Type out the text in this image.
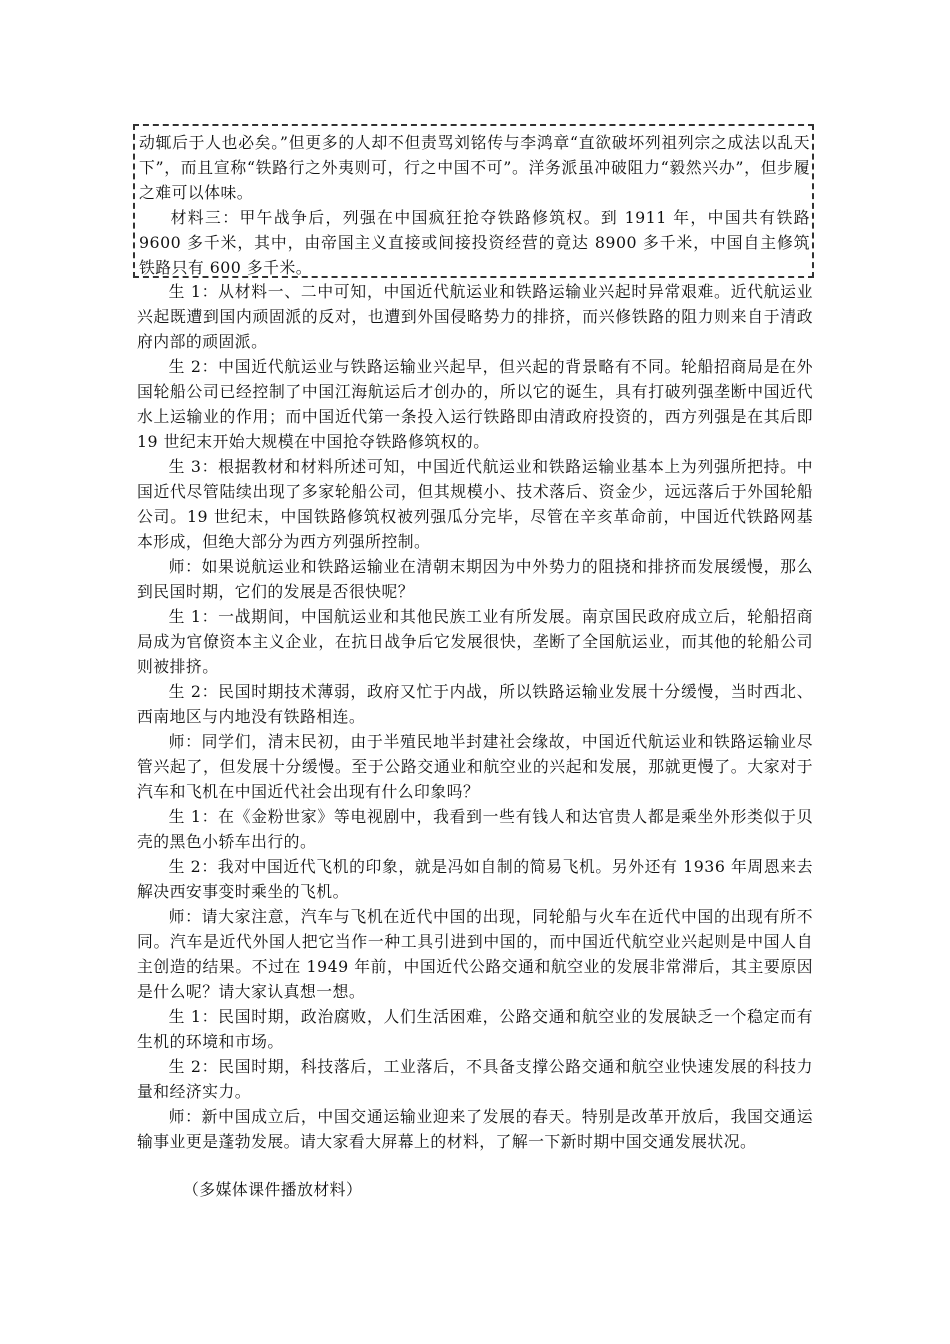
动辄后于人也必矣。”但更多的人却不但责骂刘铭传与李鸿章“直欲破坏列祖列宗之成法以乱天下”，而且宣称“铁路行之外夷则可，行之中国不可”。洋务派虽冲破阻力“毅然兴办”，但步履之难可以体味。

材料三：甲午战争后，列强在中国疯狂抢夺铁路修筑权。到 1911 年，中国共有铁路 9600 多千米，其中，由帝国主义直接或间接投资经营的竟达 8900 多千米，中国自主修筑铁路只有 600 多千米。

生 1：从材料一、二中可知，中国近代航运业和铁路运输业兴起时异常艰难。近代航运业兴起既遭到国内顽固派的反对，也遭到外国侵略势力的排挤，而兴修铁路的阻力则来自于清政府内部的顽固派。

生 2：中国近代航运业与铁路运输业兴起早，但兴起的背景略有不同。轮船招商局是在外国轮船公司已经控制了中国江海航运后才创办的，所以它的诞生，具有打破列强垄断中国近代水上运输业的作用；而中国近代第一条投入运行铁路即由清政府投资的，西方列强是在其后即 19 世纪末开始大规模在中国抢夺铁路修筑权的。

生 3：根据教材和材料所述可知，中国近代航运业和铁路运输业基本上为列强所把持。中国近代尽管陆续出现了多家轮船公司，但其规模小、技术落后、资金少，远远落后于外国轮船公司。19 世纪末，中国铁路修筑权被列强瓜分完毕，尽管在辛亥革命前，中国近代铁路网基本形成，但绝大部分为西方列强所控制。

师：如果说航运业和铁路运输业在清朝末期因为中外势力的阻挠和排挤而发展缓慢，那么到民国时期，它们的发展是否很快呢？

生 1：一战期间，中国航运业和其他民族工业有所发展。南京国民政府成立后，轮船招商局成为官僚资本主义企业，在抗日战争后它发展很快，垄断了全国航运业，而其他的轮船公司则被排挤。

生 2：民国时期技术薄弱，政府又忙于内战，所以铁路运输业发展十分缓慢，当时西北、西南地区与内地没有铁路相连。

师：同学们，清末民初，由于半殖民地半封建社会缘故，中国近代航运业和铁路运输业尽管兴起了，但发展十分缓慢。至于公路交通业和航空业的兴起和发展，那就更慢了。大家对于汽车和飞机在中国近代社会出现有什么印象吗？

生 1：在《金粉世家》等电视剧中，我看到一些有钱人和达官贵人都是乘坐外形类似于贝壳的黑色小轿车出行的。

生 2：我对中国近代飞机的印象，就是冯如自制的简易飞机。另外还有 1936 年周恩来去解决西安事变时乘坐的飞机。

师：请大家注意，汽车与飞机在近代中国的出现，同轮船与火车在近代中国的出现有所不同。汽车是近代外国人把它当作一种工具引进到中国的，而中国近代航空业兴起则是中国人自主创造的结果。不过在 1949 年前，中国近代公路交通和航空业的发展非常滞后，其主要原因是什么呢？请大家认真想一想。

生 1：民国时期，政治腐败，人们生活困难，公路交通和航空业的发展缺乏一个稳定而有生机的环境和市场。

生 2：民国时期，科技落后，工业落后，不具备支撑公路交通和航空业快速发展的科技力量和经济实力。

师：新中国成立后，中国交通运输业迎来了发展的春天。特别是改革开放后，我国交通运输事业更是蓬勃发展。请大家看大屏幕上的材料，了解一下新时期中国交通发展状况。

（多媒体课件播放材料）
